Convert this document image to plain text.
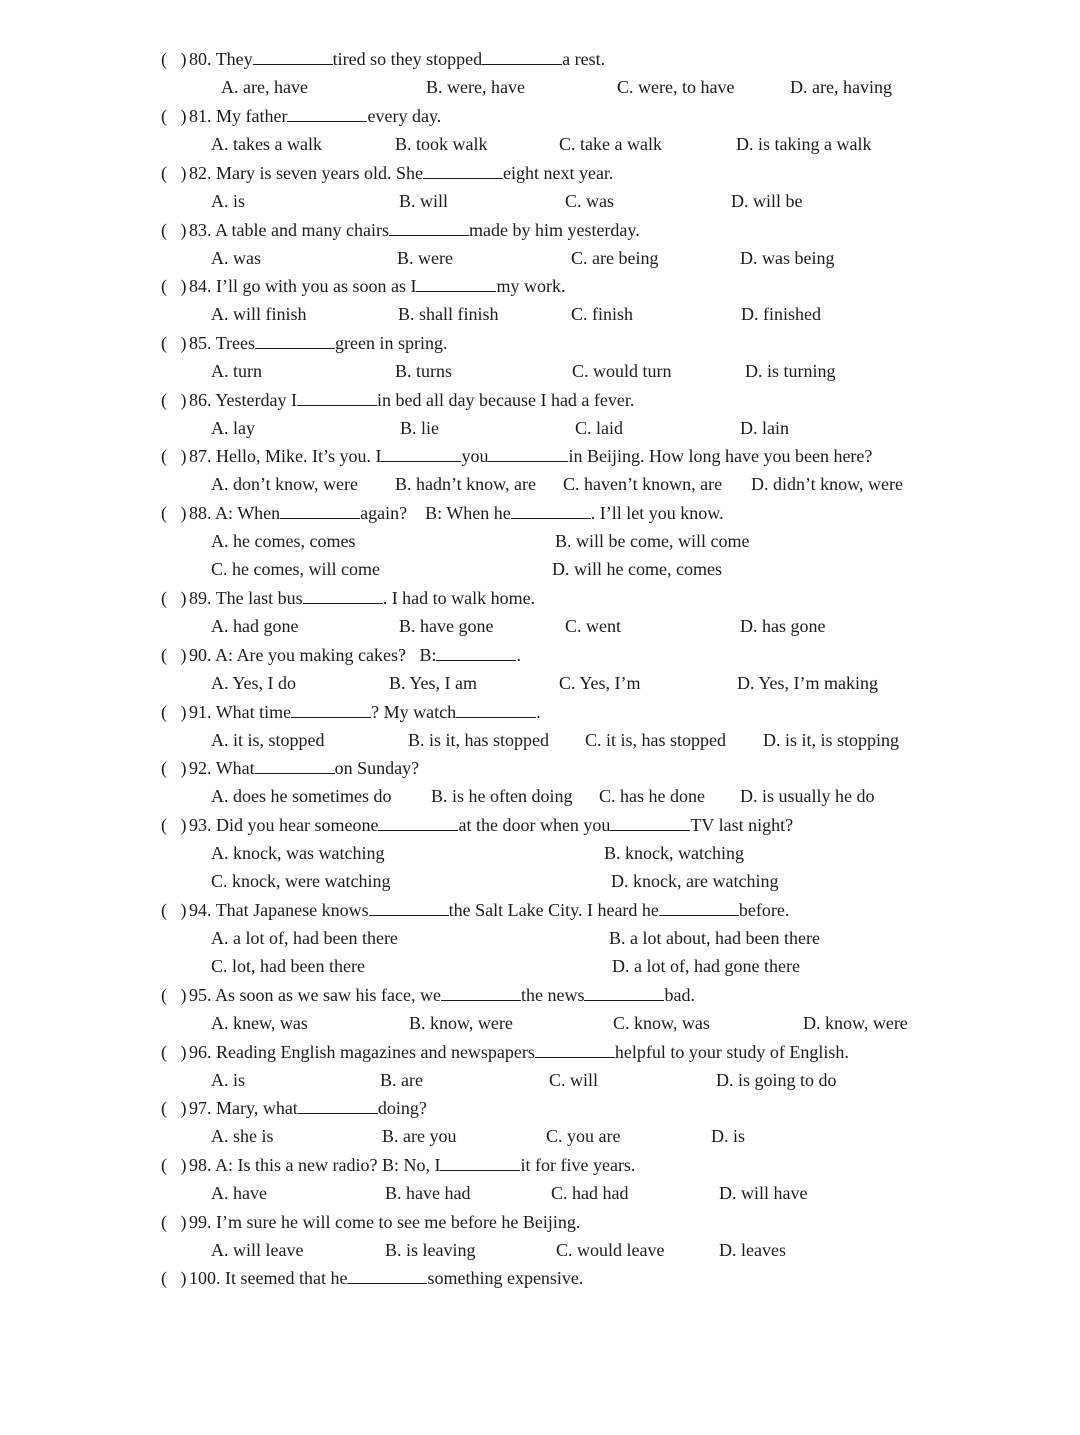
( ) 80. They	tired so they stopped	a rest.
A. are, have	B. were, have	C. were, to have	D. are, having
( ) 81. My father	every day.
A. takes a walk	B. took walk	C. take a walk	D. is taking a walk
( ) 82. Mary is seven years old. She	eight next year.
A. is	B. will	C. was	D. will be
( ) 83. A table and many chairs	made by him yesterday.
A. was	B. were	C. are being	D. was being
( ) 84. I’ll go with you as soon as I	my work.
A. will finish	B. shall finish	C. finish	D. finished
( ) 85. Trees	green in spring.
A. turn	B. turns	C. would turn	D. is turning
( ) 86. Yesterday I	in bed all day because I had a fever.
A. lay	B. lie	C. laid	D. lain
( ) 87. Hello, Mike. It’s you. I	you	in Beijing. How long have you been here?
A. don’t know, were B. hadn’t know, are C. haven’t known, are D. didn’t know, were
( ) 88. A: When	again?    B: When he	. I’ll let you know.
A. he comes, comes	B. will be come, will come
C. he comes, will come	D. will he come, comes
( ) 89. The last bus	. I had to walk home.
A. had gone	B. have gone	C. went	D. has gone
( ) 90. A: Are you making cakes?   B:	.
A. Yes, I do	B. Yes, I am	C. Yes, I’m	D. Yes, I’m making
( ) 91. What time	? My watch	.
A. it is, stopped	B. is it, has stopped C. it is, has stopped D. is it, is stopping
( ) 92. What	on Sunday?
A. does he sometimes do B. is he often doing C. has he done D. is usually he do
( ) 93. Did you hear someone	at the door when you	TV last night?
A. knock, was watching	B. knock, watching
C. knock, were watching	D. knock, are watching
( ) 94. That Japanese knows	the Salt Lake City. I heard he	before.
A. a lot of, had been there	B. a lot about, had been there
C. lot, had been there	D. a lot of, had gone there
( ) 95. As soon as we saw his face, we	the news	bad.
A. knew, was	B. know, were	C. know, was	D. know, were
( ) 96. Reading English magazines and newspapers	helpful to your study of English.
A. is	B. are	C. will	D. is going to do
( ) 97. Mary, what	doing?
A. she is	B. are you	C. you are	D. is
( ) 98. A: Is this a new radio? B: No, I	it for five years.
A. have	B. have had	C. had had	D. will have
( ) 99. I’m sure he will come to see me before he Beijing.
A. will leave	B. is leaving	C. would leave	D. leaves
( ) 100. It seemed that he	something expensive.
